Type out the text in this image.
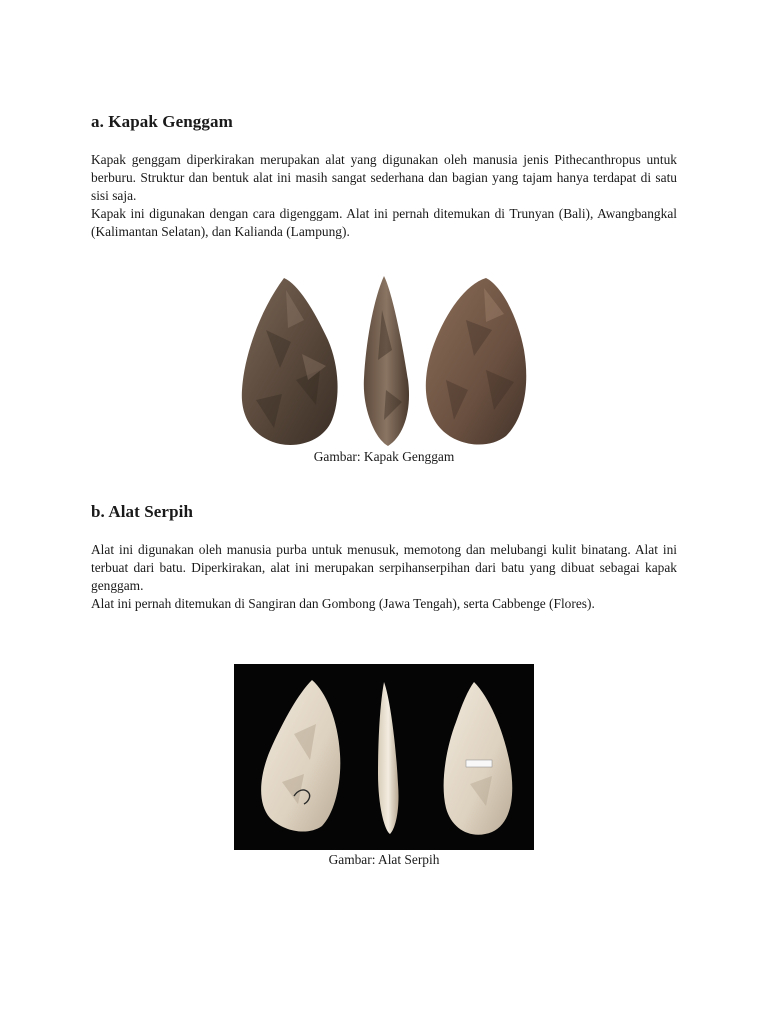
a. Kapak Genggam

Kapak genggam diperkirakan merupakan alat yang digunakan oleh manusia jenis Pithecanthropus untuk berburu. Struktur dan bentuk alat ini masih sangat sederhana dan bagian yang tajam hanya terdapat di satu sisi saja.

Kapak ini digunakan dengan cara digenggam. Alat ini pernah ditemukan di Trunyan (Bali), Awangbangkal (Kalimantan Selatan), dan Kalianda (Lampung).

Gambar: Kapak Genggam
b. Alat Serpih

Alat ini digunakan oleh manusia purba untuk menusuk, memotong dan melubangi kulit binatang. Alat ini terbuat dari batu. Diperkirakan, alat ini merupakan serpihanserpihan dari batu yang dibuat sebagai kapak genggam.

Alat ini pernah ditemukan di Sangiran dan Gombong (Jawa Tengah), serta Cabbenge (Flores).

Gambar: Alat Serpih
